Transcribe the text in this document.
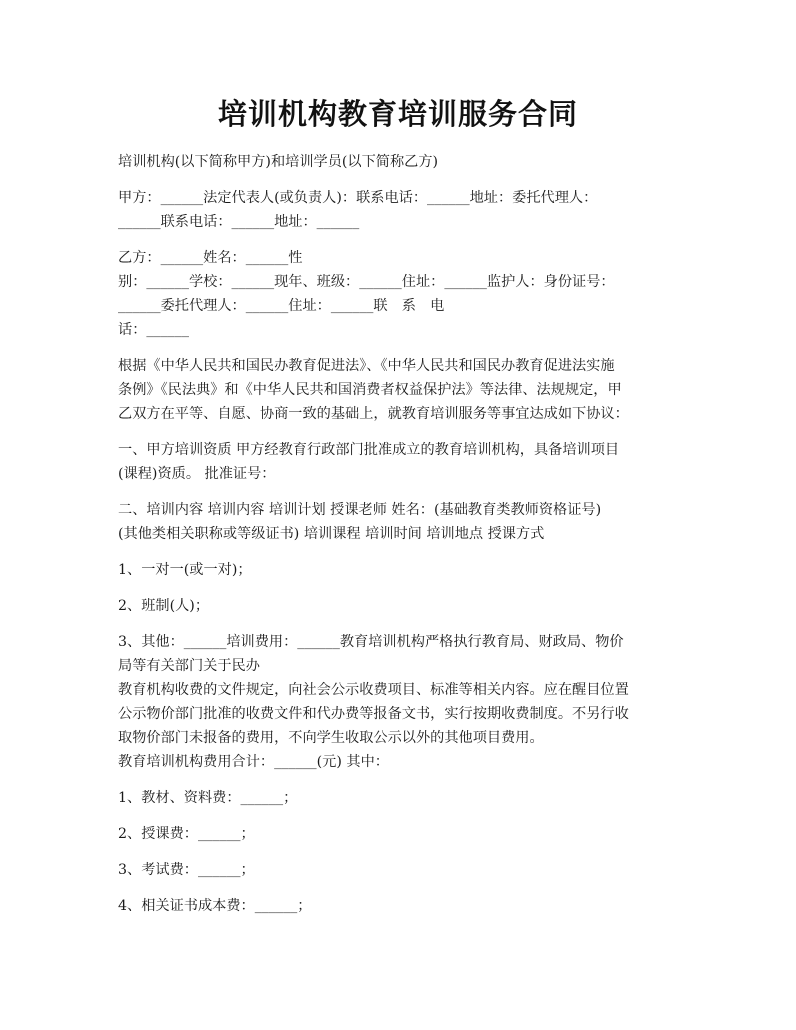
培训机构教育培训服务合同

培训机构(以下简称甲方)和培训学员(以下简称乙方)

甲方：______法定代表人(或负责人)：联系电话：______地址：委托代理人：
______联系电话：______地址：______

乙方：______姓名：______性
别：______学校：______现年、班级：______住址：______监护人：身份证号：
______委托代理人：______住址：______联　系　电
话：______

根据《中华人民共和国民办教育促进法》、《中华人民共和国民办教育促进法实施
条例》《民法典》和《中华人民共和国消费者权益保护法》等法律、法规规定，甲
乙双方在平等、自愿、协商一致的基础上，就教育培训服务等事宜达成如下协议：

一、甲方培训资质 甲方经教育行政部门批准成立的教育培训机构，具备培训项目
(课程)资质。 批准证号：

二、培训内容 培训内容 培训计划 授课老师 姓名：(基础教育类教师资格证号)
(其他类相关职称或等级证书) 培训课程 培训时间 培训地点 授课方式

1、一对一(或一对)；

2、班制(人)；

3、其他：______培训费用：______教育培训机构严格执行教育局、财政局、物价
局等有关部门关于民办

教育机构收费的文件规定，向社会公示收费项目、标准等相关内容。应在醒目位置
公示物价部门批准的收费文件和代办费等报备文书，实行按期收费制度。不另行收
取物价部门未报备的费用，不向学生收取公示以外的其他项目费用。
教育培训机构费用合计：______(元) 其中：

1、教材、资料费：______；

2、授课费：______；

3、考试费：______；

4、相关证书成本费：______；
